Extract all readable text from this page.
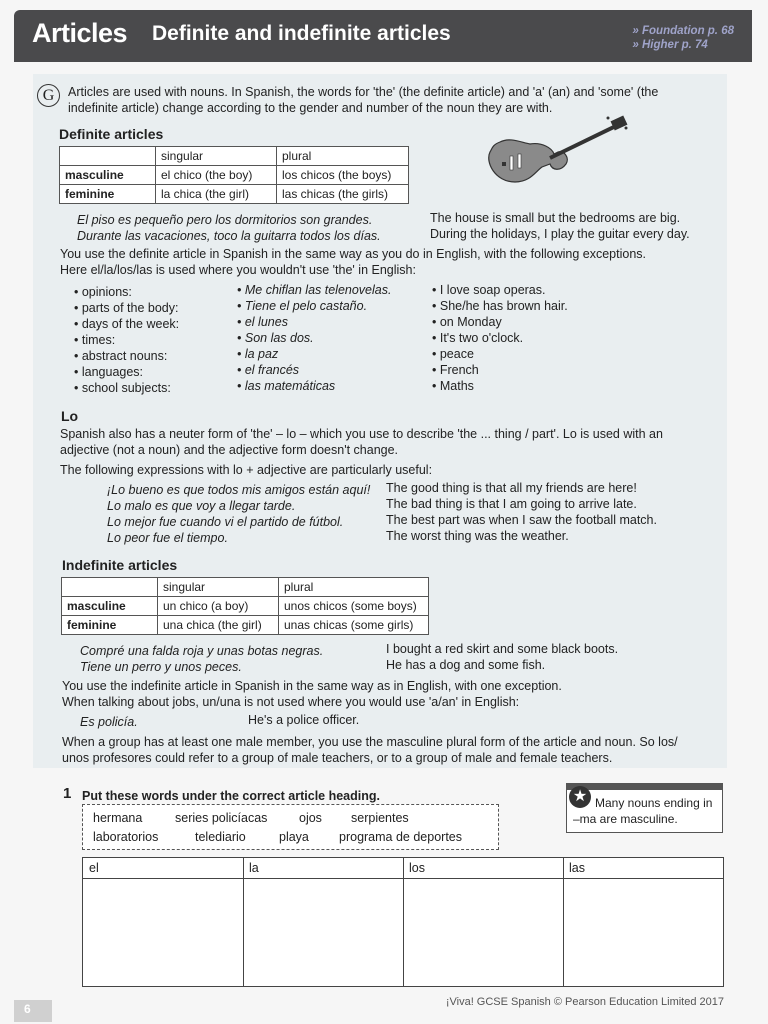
Articles Definite and indefinite articles	» Foundation p. 68
» Higher p. 74
G	Articles are used with nouns. In Spanish, the words for 'the' (the definite article) and 'a' (an) and 'some' (the
indefinite article) change according to the gender and number of the noun they are with.
Definite articles
	singular	plural
masculine	el chico (the boy)	los chicos (the boys)
feminine	la chica (the girl)	las chicas (the girls)
El piso es pequeño pero los dormitorios son grandes.	The house is small but the bedrooms are big.
Durante las vacaciones, toco la guitarra todos los días.	During the holidays, I play the guitar every day.
You use the definite article in Spanish in the same way as you do in English, with the following exceptions.
Here el/la/los/las is used where you wouldn't use 'the' in English:
• opinions:	• Me chiflan las telenovelas.	• I love soap operas.
• parts of the body:	• Tiene el pelo castaño.	• She/he has brown hair.
• days of the week:	• el lunes	• on Monday
• times:	• Son las dos.	• It's two o'clock.
• abstract nouns:	• la paz	• peace
• languages:	• el francés	• French
• school subjects:	• las matemáticas	• Maths
Lo
Spanish also has a neuter form of 'the' – lo – which you use to describe 'the ... thing / part'. Lo is used with an
adjective (not a noun) and the adjective form doesn't change.
The following expressions with lo + adjective are particularly useful:
¡Lo bueno es que todos mis amigos están aquí! The good thing is that all my friends are here!
Lo malo es que voy a llegar tarde.	The bad thing is that I am going to arrive late.
Lo mejor fue cuando vi el partido de fútbol.	The best part was when I saw the football match.
Lo peor fue el tiempo.	The worst thing was the weather.
Indefinite articles
	singular	plural
masculine	un chico (a boy)	unos chicos (some boys)
feminine	una chica (the girl)	unas chicas (some girls)
Compré una falda roja y unas botas negras.	I bought a red skirt and some black boots.
Tiene un perro y unos peces.	He has a dog and some fish.
You use the indefinite article in Spanish in the same way as in English, with one exception.
When talking about jobs, un/una is not used where you would use 'a/an' in English:
Es policía.	He's a police officer.
When a group has at least one male member, you use the masculine plural form of the article and noun. So los/
unos profesores could refer to a group of male teachers, or to a group of male and female teachers.
1 Put these words under the correct article heading.
hermana	series policíacas	ojos serpientes
laboratorios	telediario	playa programa de deportes
★ Many nouns ending in
–ma are masculine.
el	la	los	las
6	¡Viva! GCSE Spanish © Pearson Education Limited 2017
